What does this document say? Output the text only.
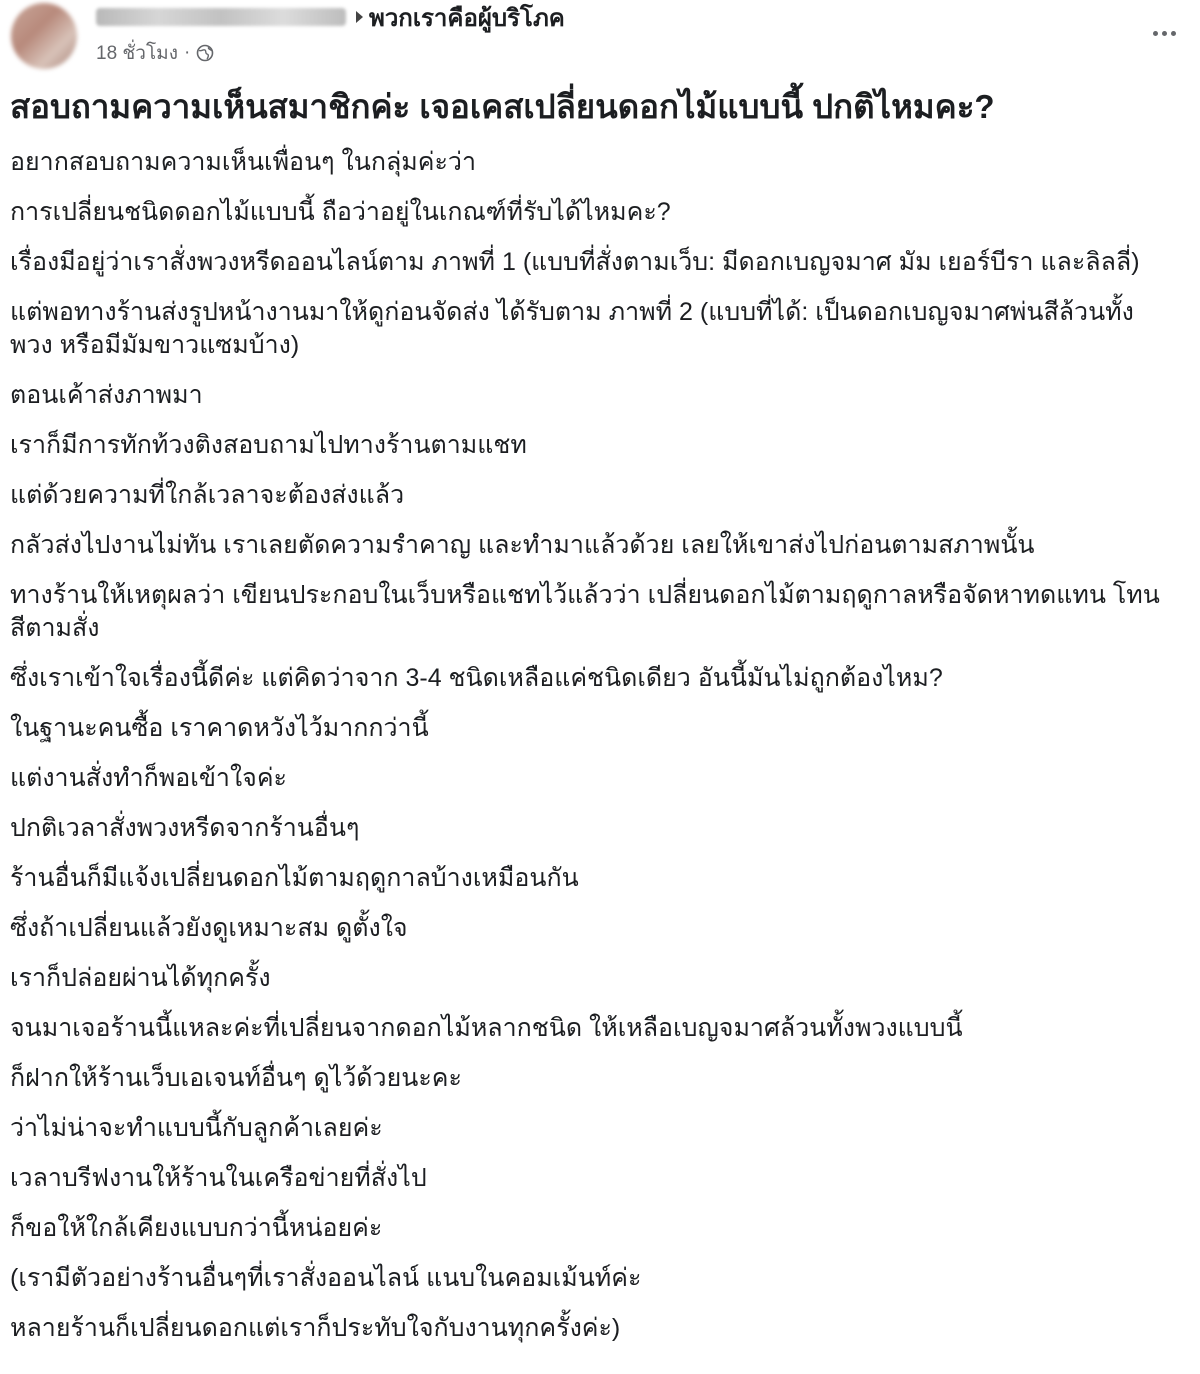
พวกเราคือผู้บริโภค
18 ชั่วโมง ·
สอบถามความเห็นสมาชิกค่ะ เจอเคสเปลี่ยนดอกไม้แบบนี้ ปกติไหมคะ?
อยากสอบถามความเห็นเพื่อนๆ ในกลุ่มค่ะว่า
การเปลี่ยนชนิดดอกไม้แบบนี้ ถือว่าอยู่ในเกณฑ์ที่รับได้ไหมคะ?
เรื่องมีอยู่ว่าเราสั่งพวงหรีดออนไลน์ตาม ภาพที่ 1 (แบบที่สั่งตามเว็บ: มีดอกเบญจมาศ มัม เยอร์บีรา และลิลลี่)
แต่พอทางร้านส่งรูปหน้างานมาให้ดูก่อนจัดส่ง ได้รับตาม ภาพที่ 2 (แบบที่ได้: เป็นดอกเบญจมาศพ่นสีล้วนทั้ง
พวง หรือมีมัมขาวแซมบ้าง)
ตอนเค้าส่งภาพมา
เราก็มีการทักท้วงติงสอบถามไปทางร้านตามแชท
แต่ด้วยความที่ใกล้เวลาจะต้องส่งแล้ว
กลัวส่งไปงานไม่ทัน เราเลยตัดความรำคาญ และทำมาแล้วด้วย เลยให้เขาส่งไปก่อนตามสภาพนั้น
ทางร้านให้เหตุผลว่า เขียนประกอบในเว็บหรือแชทไว้แล้วว่า เปลี่ยนดอกไม้ตามฤดูกาลหรือจัดหาทดแทน โทน
สีตามสั่ง
ซึ่งเราเข้าใจเรื่องนี้ดีค่ะ แต่คิดว่าจาก 3-4 ชนิดเหลือแค่ชนิดเดียว อันนี้มันไม่ถูกต้องไหม?
ในฐานะคนซื้อ เราคาดหวังไว้มากกว่านี้
แต่งานสั่งทำก็พอเข้าใจค่ะ
ปกติเวลาสั่งพวงหรีดจากร้านอื่นๆ
ร้านอื่นก็มีแจ้งเปลี่ยนดอกไม้ตามฤดูกาลบ้างเหมือนกัน
ซึ่งถ้าเปลี่ยนแล้วยังดูเหมาะสม ดูตั้งใจ
เราก็ปล่อยผ่านได้ทุกครั้ง
จนมาเจอร้านนี้แหละค่ะที่เปลี่ยนจากดอกไม้หลากชนิด ให้เหลือเบญจมาศล้วนทั้งพวงแบบนี้
ก็ฝากให้ร้านเว็บเอเจนท์อื่นๆ ดูไว้ด้วยนะคะ
ว่าไม่น่าจะทำแบบนี้กับลูกค้าเลยค่ะ
เวลาบรีฟงานให้ร้านในเครือข่ายที่สั่งไป
ก็ขอให้ใกล้เคียงแบบกว่านี้หน่อยค่ะ
(เรามีตัวอย่างร้านอื่นๆที่เราสั่งออนไลน์ แนบในคอมเม้นท์ค่ะ
หลายร้านก็เปลี่ยนดอกแต่เราก็ประทับใจกับงานทุกครั้งค่ะ)
